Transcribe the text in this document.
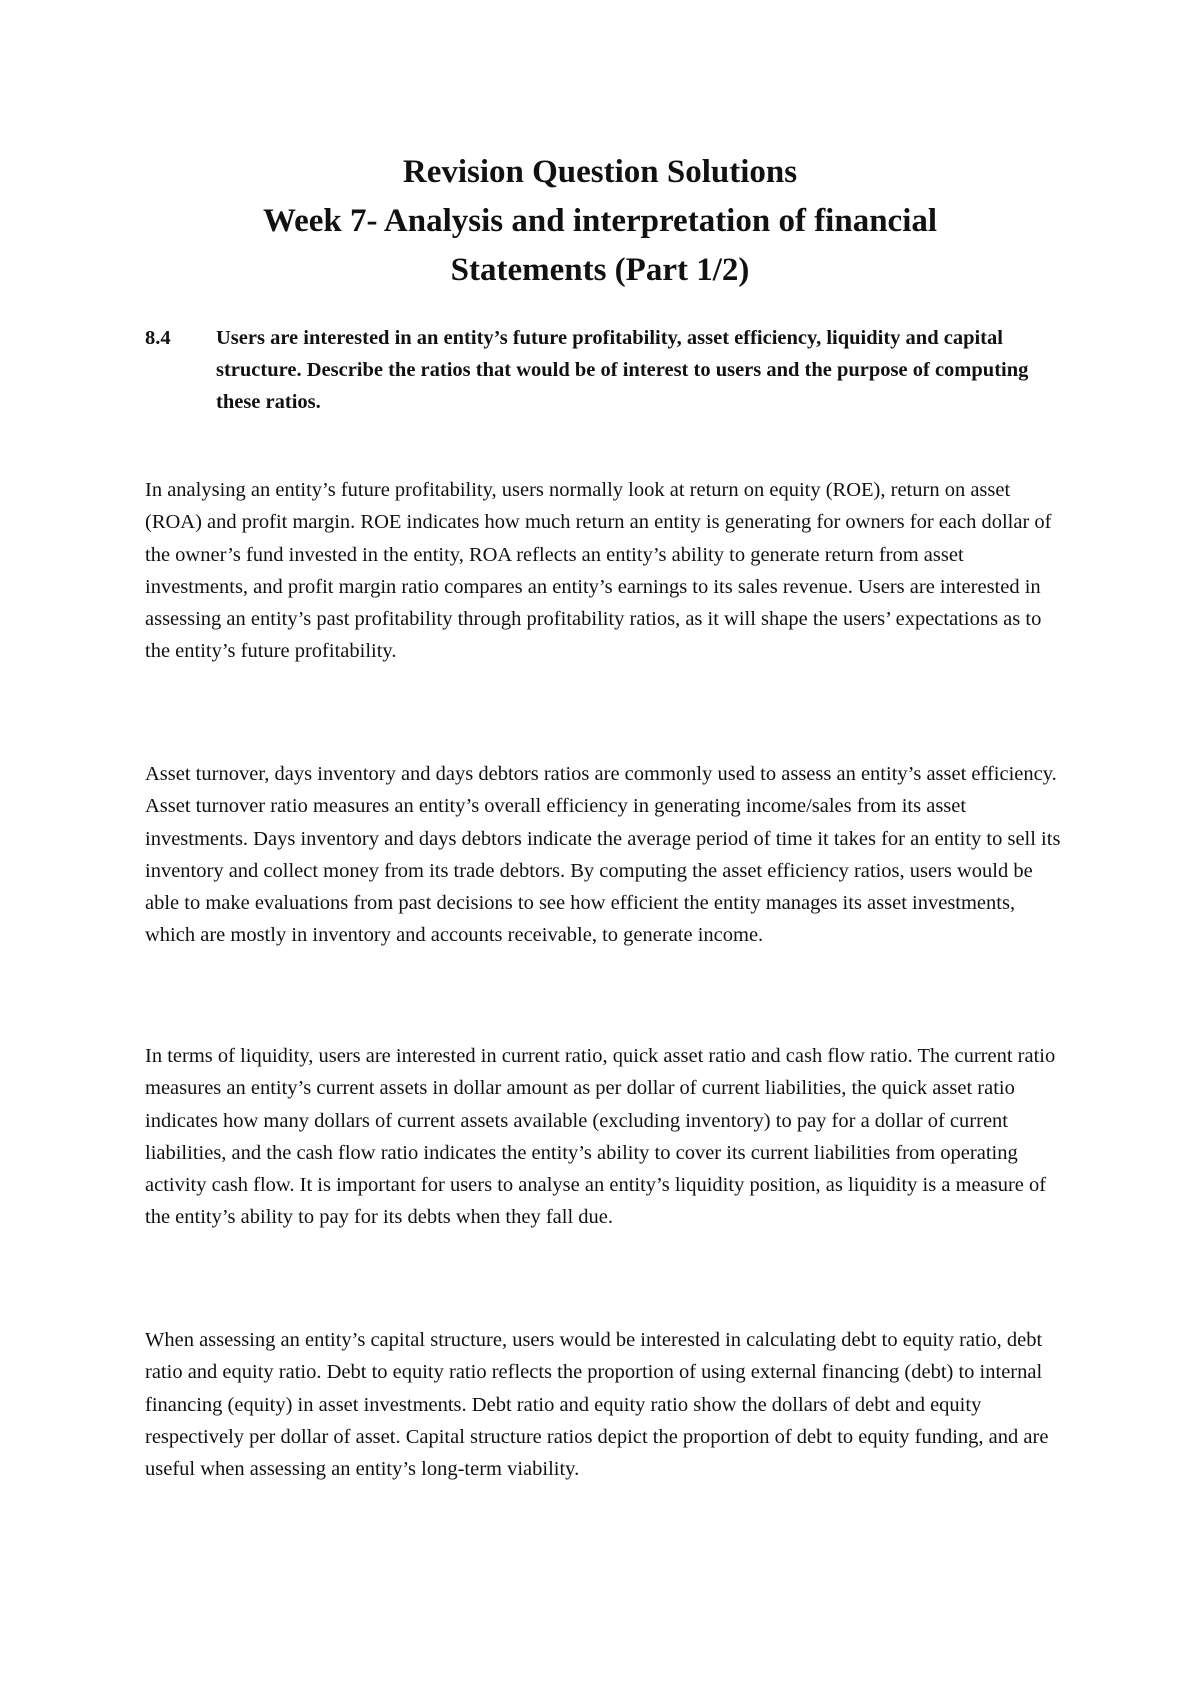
Revision Question Solutions
Week 7- Analysis and interpretation of financial
Statements (Part 1/2)
8.4 Users are interested in an entity’s future profitability, asset efficiency, liquidity and capital structure. Describe the ratios that would be of interest to users and the purpose of computing these ratios.

In analysing an entity’s future profitability, users normally look at return on equity (ROE), return on asset (ROA) and profit margin. ROE indicates how much return an entity is generating for owners for each dollar of the owner’s fund invested in the entity, ROA reflects an entity’s ability to generate return from asset investments, and profit margin ratio compares an entity’s earnings to its sales revenue. Users are interested in assessing an entity’s past profitability through profitability ratios, as it will shape the users’ expectations as to the entity’s future profitability.

Asset turnover, days inventory and days debtors ratios are commonly used to assess an entity’s asset efficiency. Asset turnover ratio measures an entity’s overall efficiency in generating income/sales from its asset investments. Days inventory and days debtors indicate the average period of time it takes for an entity to sell its inventory and collect money from its trade debtors. By computing the asset efficiency ratios, users would be able to make evaluations from past decisions to see how efficient the entity manages its asset investments, which are mostly in inventory and accounts receivable, to generate income.

In terms of liquidity, users are interested in current ratio, quick asset ratio and cash flow ratio. The current ratio measures an entity’s current assets in dollar amount as per dollar of current liabilities, the quick asset ratio indicates how many dollars of current assets available (excluding inventory) to pay for a dollar of current liabilities, and the cash flow ratio indicates the entity’s ability to cover its current liabilities from operating activity cash flow. It is important for users to analyse an entity’s liquidity position, as liquidity is a measure of the entity’s ability to pay for its debts when they fall due.

When assessing an entity’s capital structure, users would be interested in calculating debt to equity ratio, debt ratio and equity ratio. Debt to equity ratio reflects the proportion of using external financing (debt) to internal financing (equity) in asset investments. Debt ratio and equity ratio show the dollars of debt and equity respectively per dollar of asset. Capital structure ratios depict the proportion of debt to equity funding, and are useful when assessing an entity’s long-term viability.
